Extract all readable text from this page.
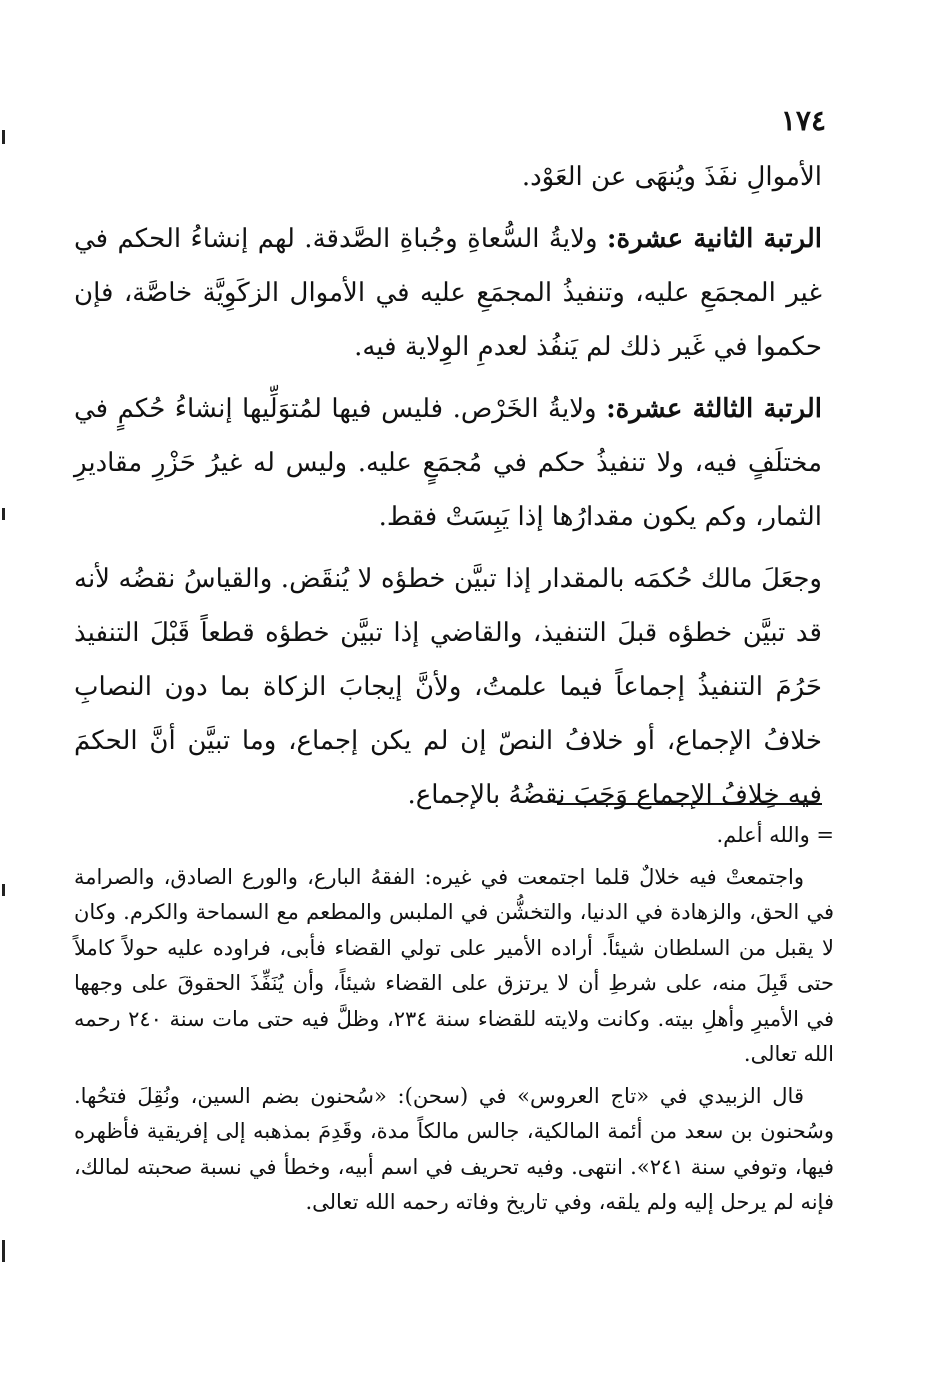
١٧٤

الأموالِ نفَذَ ويُنهَى عن العَوْد.

الرتبة الثانية عشرة: ولايةُ السُّعاةِ وجُباةِ الصَّدقة. لهم إنشاءُ الحكم في غير المجمَعِ عليه، وتنفيذُ المجمَعِ عليه في الأموال الزكَوِيَّة خاصَّة، فإن حكموا في غَير ذلك لم يَنفُذ لعدمِ الوِلاية فيه.

الرتبة الثالثة عشرة: ولايةُ الخَرْص. فليس فيها لمُتوَلِّيها إنشاءُ حُكمٍ في مختلَفٍ فيه، ولا تنفيذُ حكم في مُجمَعٍ عليه. وليس له غيرُ حَزْرِ مقاديرِ الثمار، وكم يكون مقدارُها إذا يَبِسَتْ فقط.

وجعَلَ مالك حُكمَه بالمقدار إذا تبيَّن خطؤه لا يُنقَض. والقياسُ نقضُه لأنه قد تبيَّن خطؤه قبلَ التنفيذ، والقاضي إذا تبيَّن خطؤه قطعاً قَبْلَ التنفيذ حَرُمَ التنفيذُ إجماعاً فيما علمتُ، ولأنَّ إيجابَ الزكاة بما دون النصابِ خلافُ الإجماع، أو خلافُ النصّ إن لم يكن إجماع، وما تبيَّن أنَّ الحكمَ فيه خِلافُ الإجماع وَجَبَ نقضُهُ بالإجماع.

= والله أعلم.

واجتمعتْ فيه خلالٌ قلما اجتمعت في غيره: الفقهُ البارع، والورع الصادق، والصرامة في الحق، والزهادة في الدنيا، والتخشُّن في الملبس والمطعم مع السماحة والكرم. وكان لا يقبل من السلطان شيئاً. أراده الأمير على تولي القضاء فأبى، فراوده عليه حولاً كاملاً حتى قَبِلَ منه، على شرطِ أن لا يرتزق على القضاء شيئاً، وأن يُنَفِّذَ الحقوقَ على وجهها في الأميرِ وأهلِ بيته. وكانت ولايته للقضاء سنة ٢٣٤، وظلَّ فيه حتى مات سنة ٢٤٠ رحمه الله تعالى.

قال الزبيدي في «تاج العروس» في (سحن): «سُحنون بضم السين، ونُقِلَ فتحُها. وسُحنون بن سعد من أئمة المالكية، جالس مالكاً مدة، وقَدِمَ بمذهبه إلى إفريقية فأظهره فيها، وتوفي سنة ٢٤١». انتهى. وفيه تحريف في اسم أبيه، وخطأ في نسبة صحبته لمالك، فإنه لم يرحل إليه ولم يلقه، وفي تاريخ وفاته رحمه الله تعالى.
